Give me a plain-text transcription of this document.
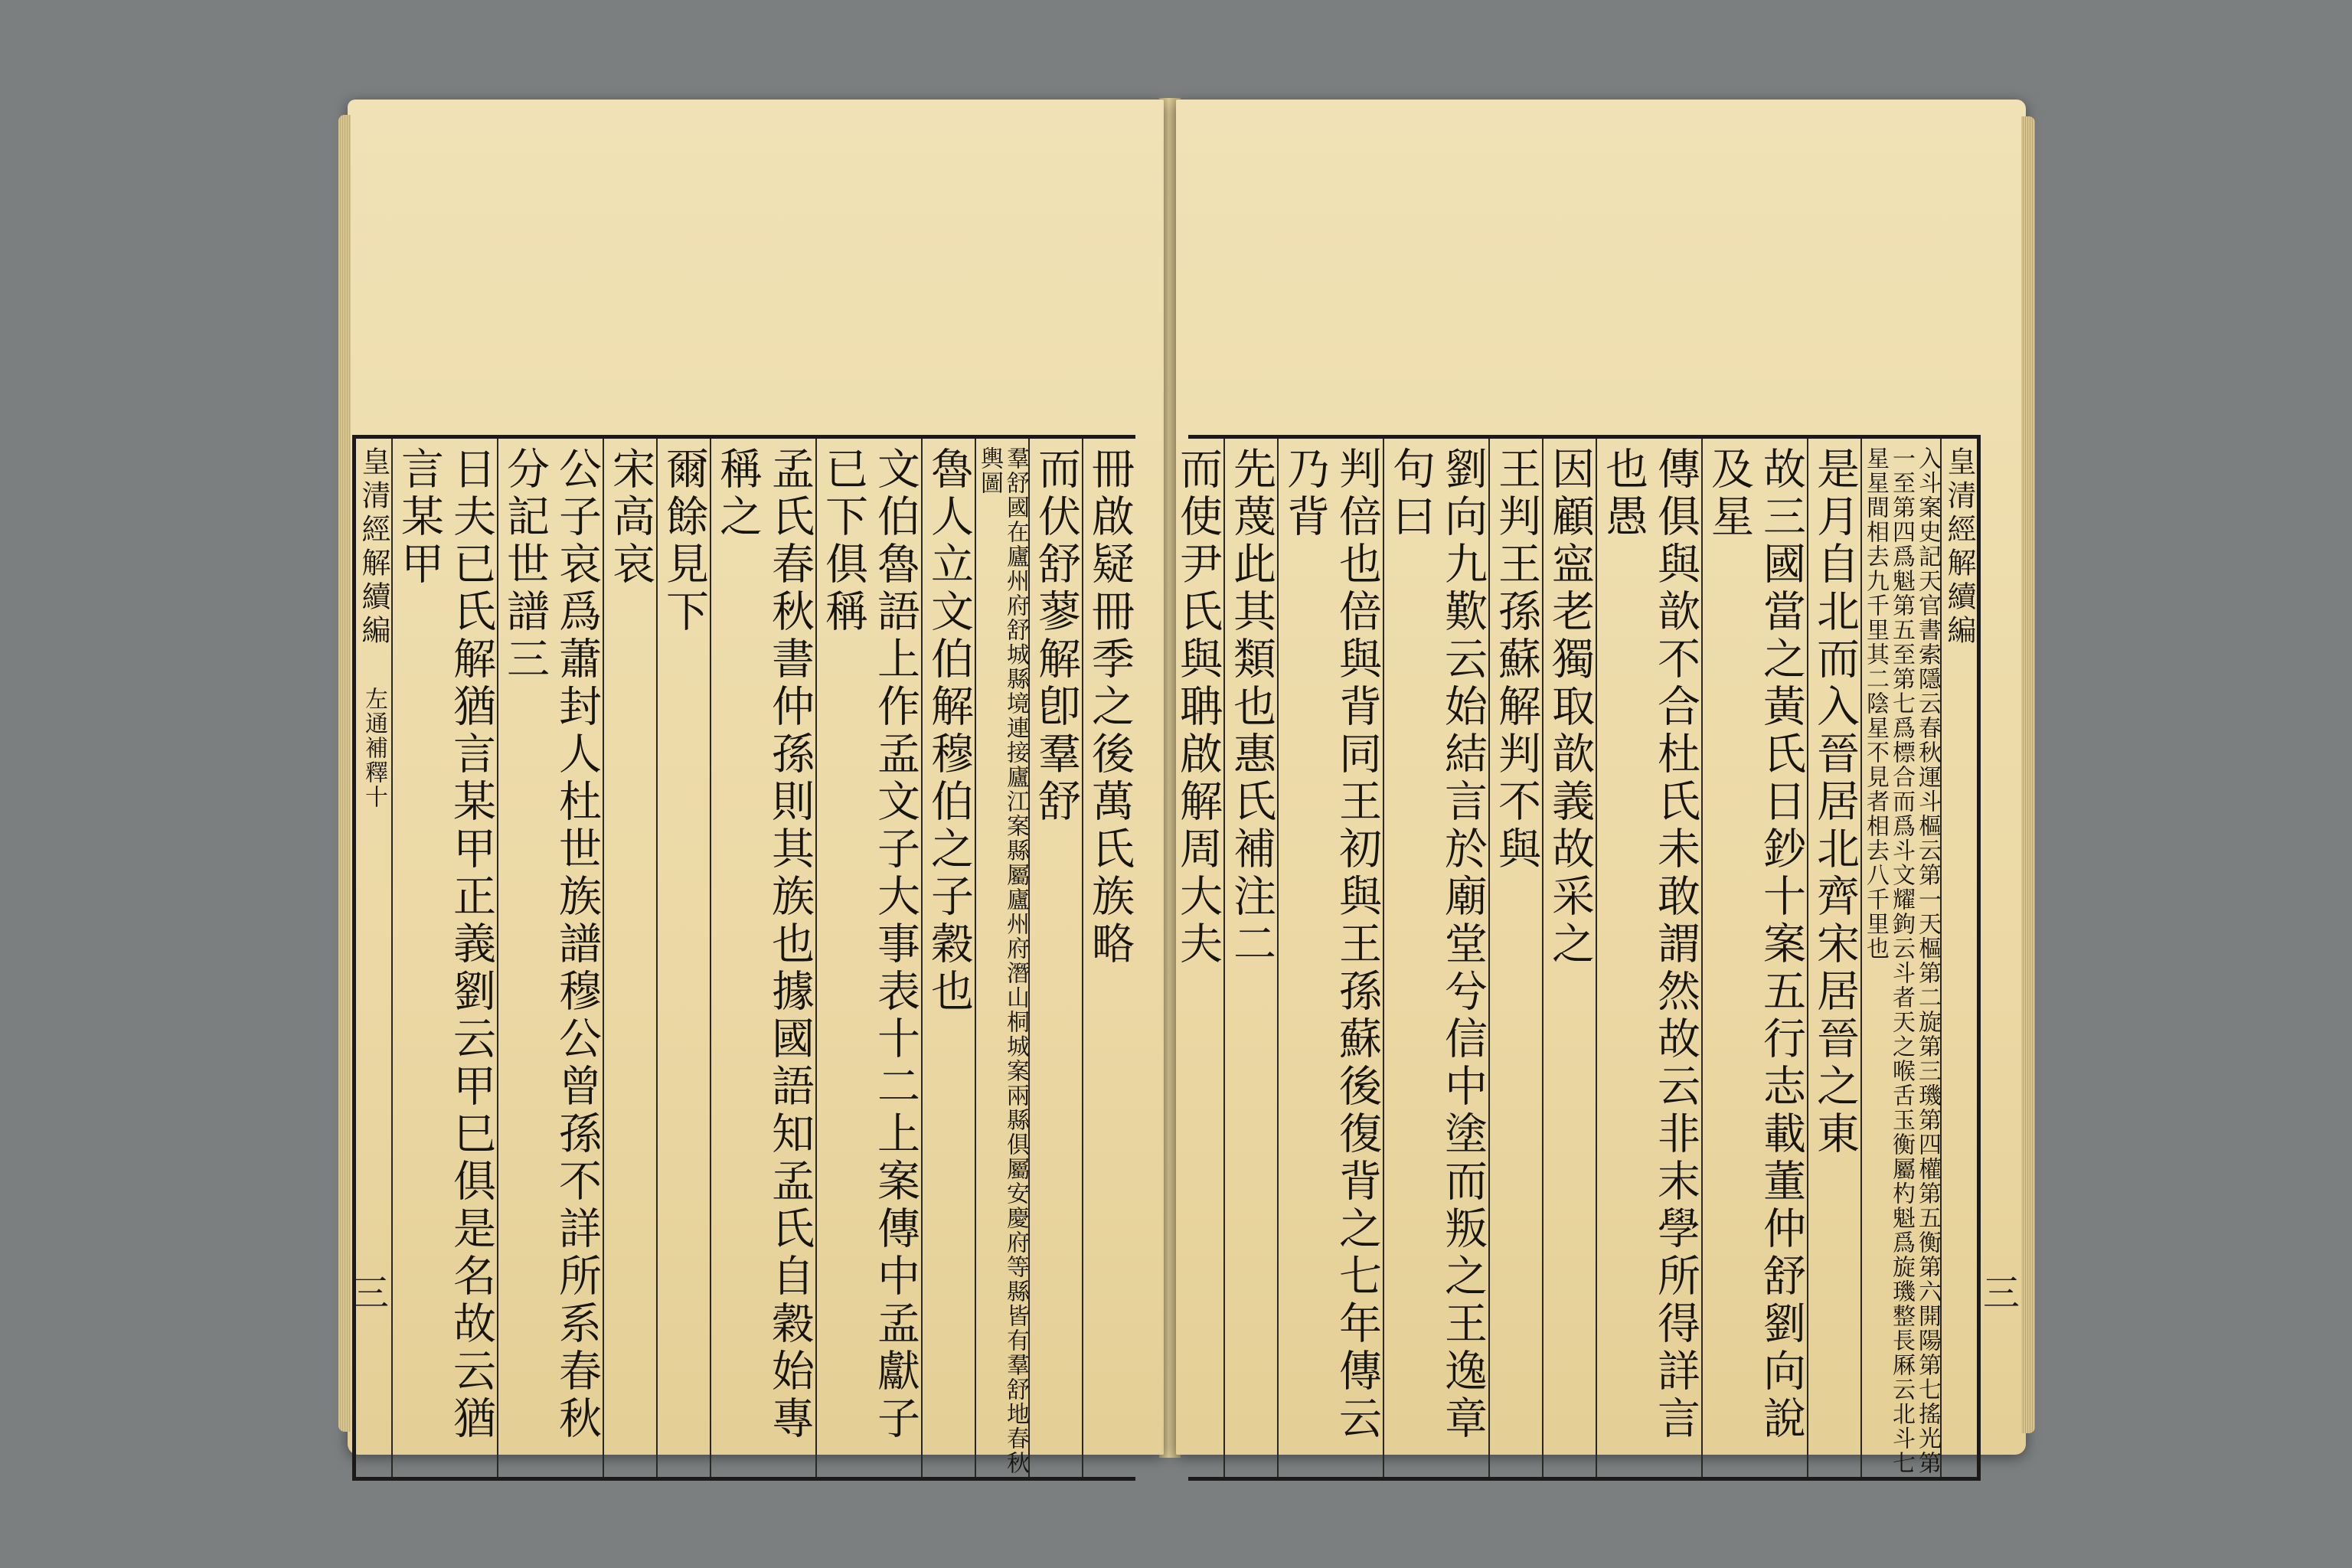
冊啟疑冊季之後萬氏族略
而伏舒蓼解卽羣舒
羣舒國在廬州府舒城縣境連接廬江案縣屬廬州府潛山桐城案兩縣俱屬安慶府等縣皆有羣舒地春秋輿圖
魯人立文伯解穆伯之子穀也
文伯魯語上作孟文子大事表十二上案傳中孟獻子已下俱稱
孟氏春秋書仲孫則其族也據國語知孟氏自穀始專稱之
爾餘見下
宋高哀
公子哀爲蕭封人杜世族譜穆公曾孫不詳所系春秋分記世譜三
日夫已氏解猶言某甲正義劉云甲巳俱是名故云猶言某甲
皇清經解續編 左通補釋十
三
皇清經解續編
入斗案史記天官書索隱云春秋運斗樞云第一天樞第二旋第三璣第四權第五衡第六開陽第七搖光第一至第四爲魁第五至第七爲標合而爲斗文耀鉤云斗者天之喉舌玉衡屬杓魁爲旋璣整長厤云北斗七星星間相去九千里其二陰星不見者相去八千里也
是月自北而入晉居北齊宋居晉之東
故三國當之黃氏日鈔十案五行志載董仲舒劉向說及星
傳俱與歆不合杜氏未敢謂然故云非末學所得詳言也愚
因顧寍老獨取歆義故采之
王判王孫蘇解判不與
劉向九歎云始結言於廟堂兮信中塗而叛之王逸章句曰
判倍也倍與背同王初與王孫蘇後復背之七年傳云乃背
先蔑此其類也惠氏補注二
而使尹氏與聃啟解周大夫
三
